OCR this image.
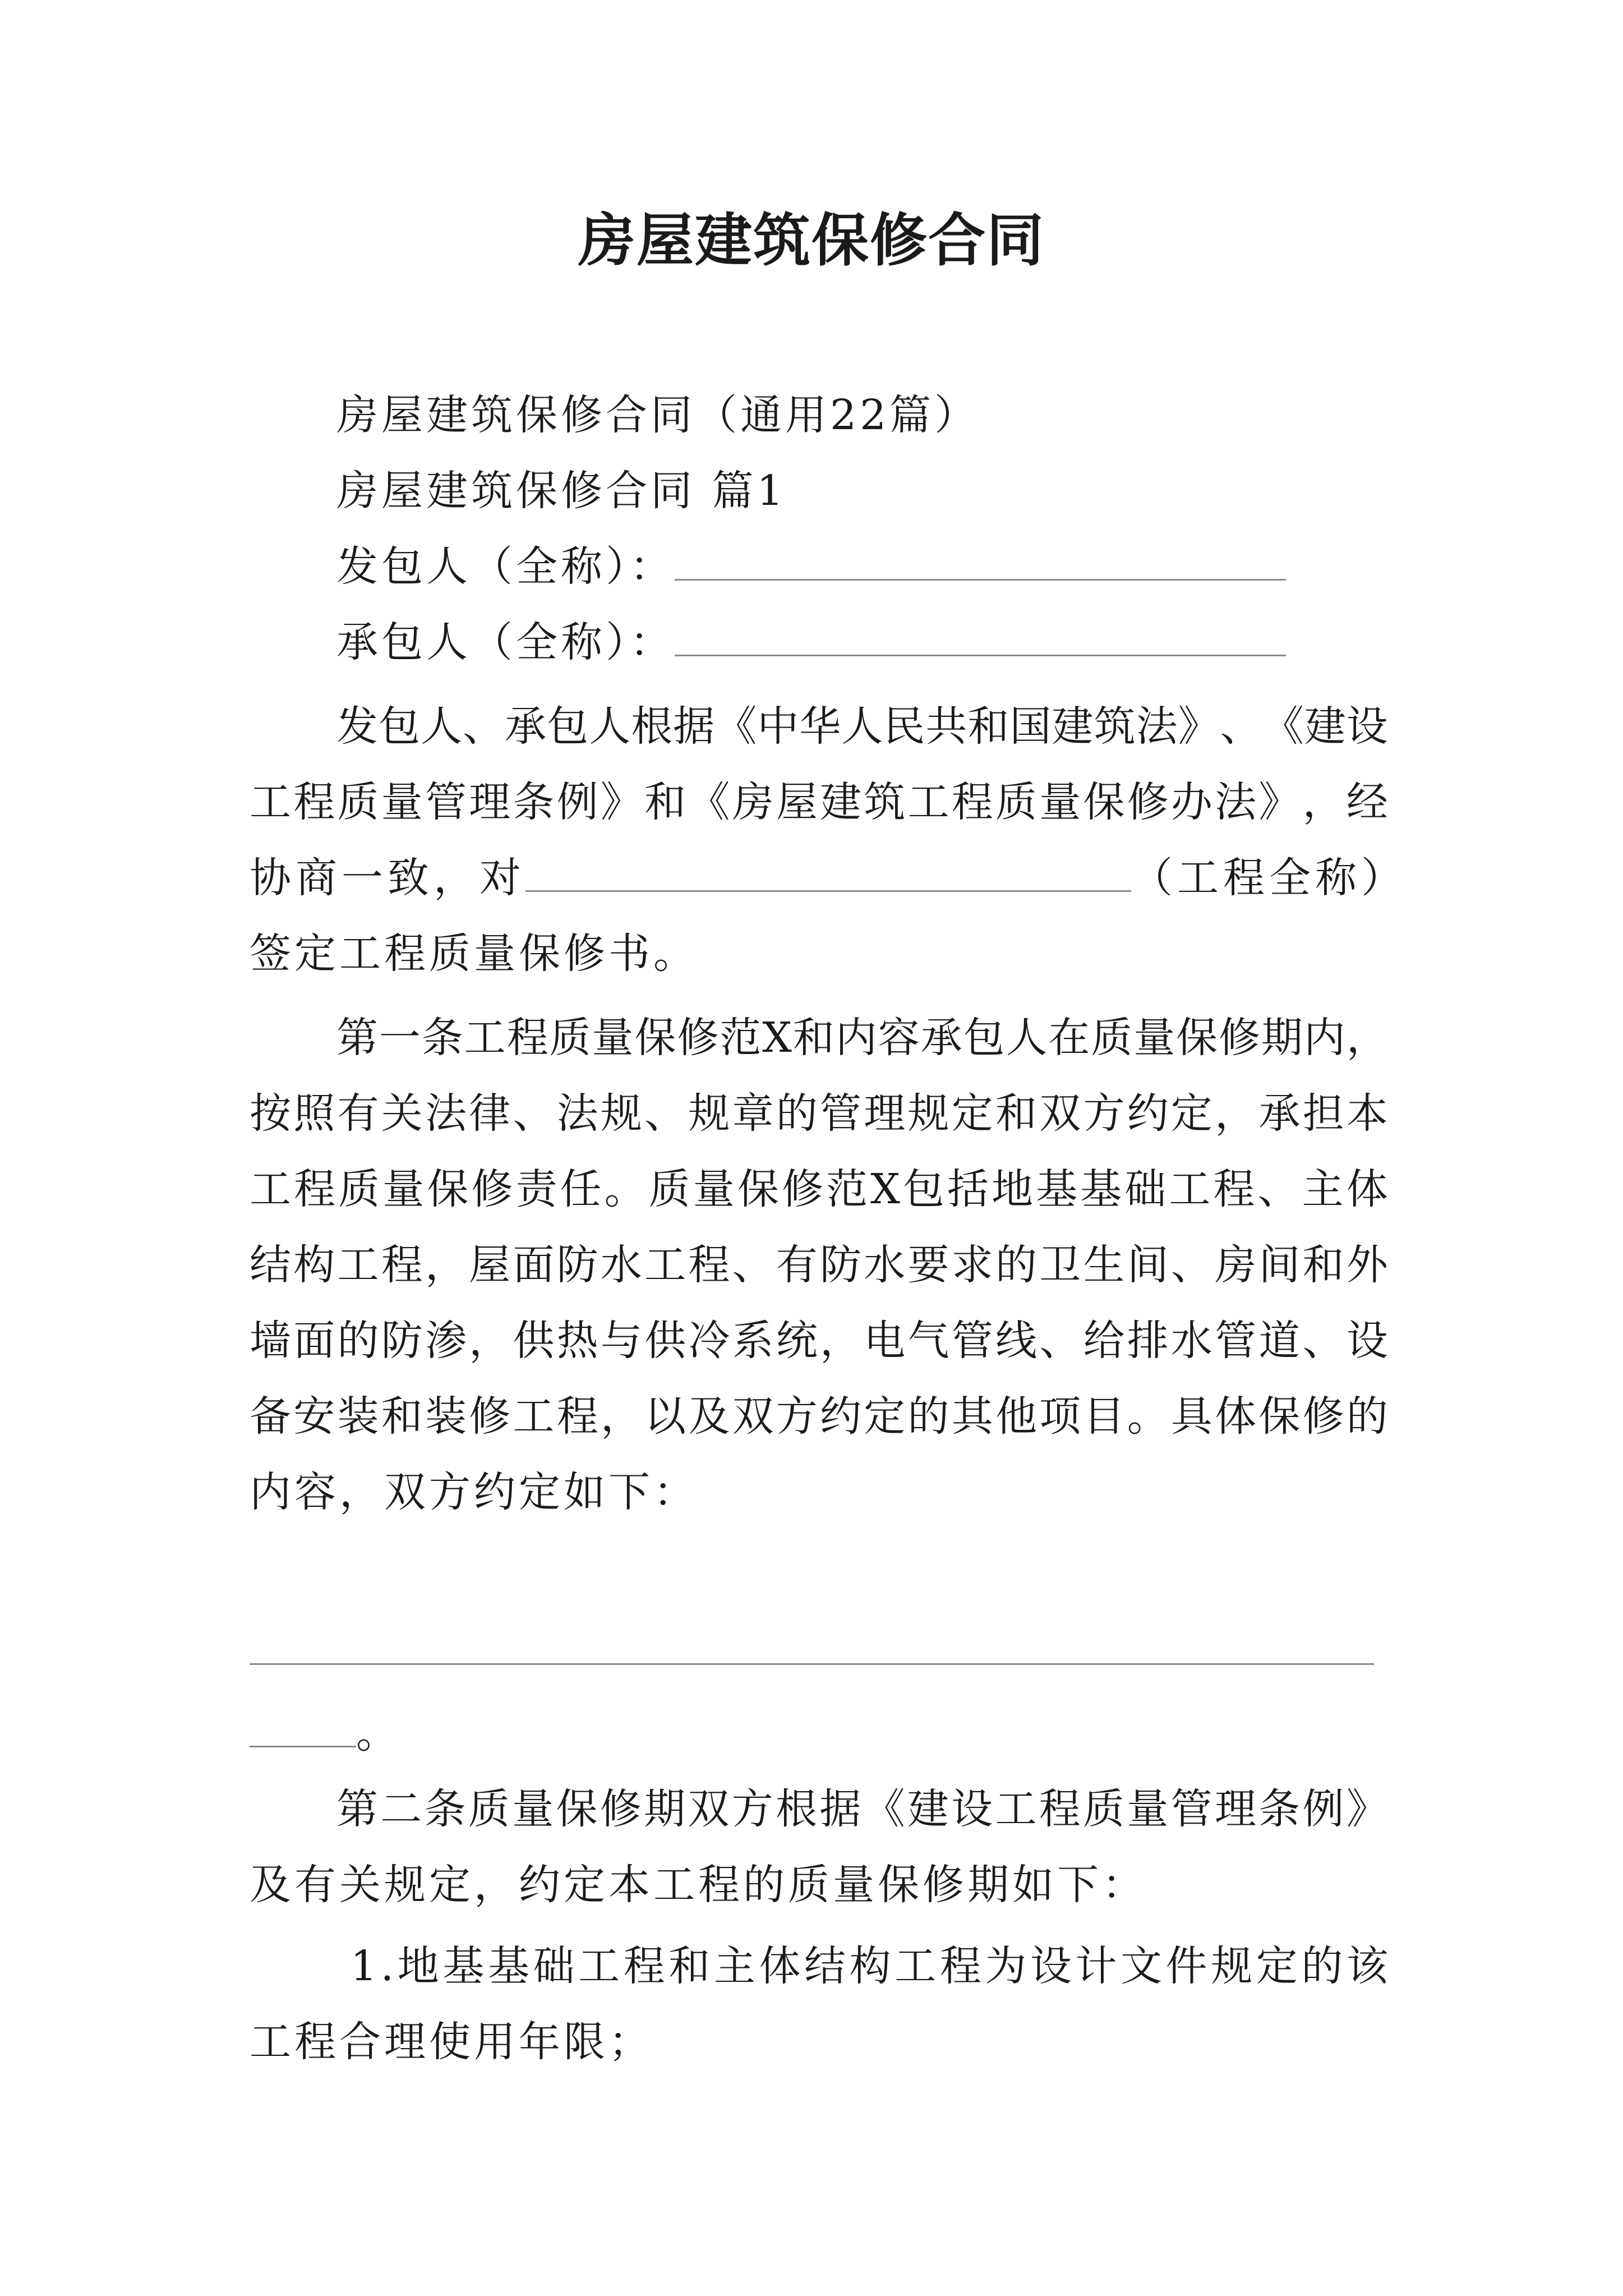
房屋建筑保修合同
房屋建筑保修合同（通用22篇）
房屋建筑保修合同 篇1
发包人（全称）：
承包人（全称）：
发 包 人 、 承 包 人 根 据 《 中 华 人 民 共 和 国 建 筑 法 》 、 《 建 设
工 程 质 量 管 理 条 例 》 和 《 房 屋 建 筑 工 程 质 量 保 修 办 法 》 ， 经
协商一致，对	（工程全称）
签定工程质量保修书。
第 一 条 工 程 质 量 保 修 范 X 和 内 容 承 包 人 在 质 量 保 修 期 内 ，
按 照 有 关 法 律 、 法 规 、 规 章 的 管 理 规 定 和 双 方 约 定 ， 承 担 本
工 程 质 量 保 修 责 任 。 质 量 保 修 范 X 包 括 地 基 基 础 工 程 、 主 体
结 构 工 程 ， 屋 面 防 水 工 程 、 有 防 水 要 求 的 卫 生 间 、 房 间 和 外
墙 面 的 防 渗 ， 供 热 与 供 冷 系 统 ， 电 气 管 线 、 给 排 水 管 道 、 设
备 安 装 和 装 修 工 程 ， 以 及 双 方 约 定 的 其 他 项 目 。 具 体 保 修 的
内容，双方约定如下：
。
第 二 条 质 量 保 修 期 双 方 根 据 《 建 设 工 程 质 量 管 理 条 例 》
及有关规定，约定本工程的质量保修期如下：
1 . 地 基 基 础 工 程 和 主 体 结 构 工 程 为 设 计 文 件 规 定 的 该
工程合理使用年限；
